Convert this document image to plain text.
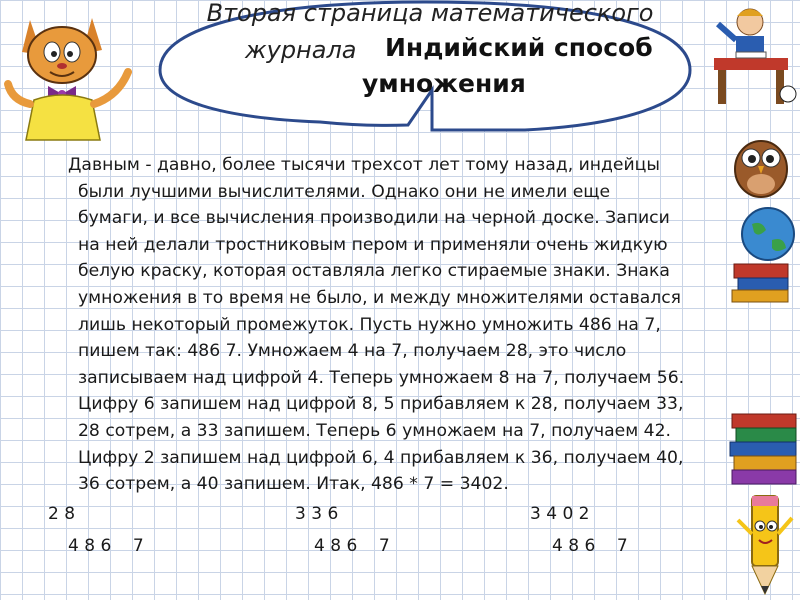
Вторая страница математического
журнала Индийский способ
умножения
Давным - давно, более тысячи трехсот лет тому назад, индейцы
были лучшими вычислителями. Однако они не имели еще
бумаги, и все вычисления производили на черной доске. Записи
на ней делали тростниковым пером и применяли очень жидкую
белую краску, которая оставляла легко стираемые знаки. Знака
умножения в то время не было, и между множителями оставался
лишь некоторый промежуток. Пусть нужно умножить 486 на 7,
пишем так: 486 7. Умножаем 4 на 7, получаем 28, это число
записываем над цифрой 4. Теперь умножаем 8 на 7, получаем 56.
Цифру 6 запишем над цифрой 8, 5 прибавляем к 28, получаем 33,
28 сотрем, а 33 запишем. Теперь 6 умножаем на 7, получаем 42.
Цифру 2 запишем над цифрой 6, 4 прибавляем к 36, получаем 40,
36 сотрем, а 40 запишем. Итак, 486 * 7 = 3402.
2 8
4 8 6    7
3 3 6
4 8 6    7
3 4 0 2
4 8 6    7
